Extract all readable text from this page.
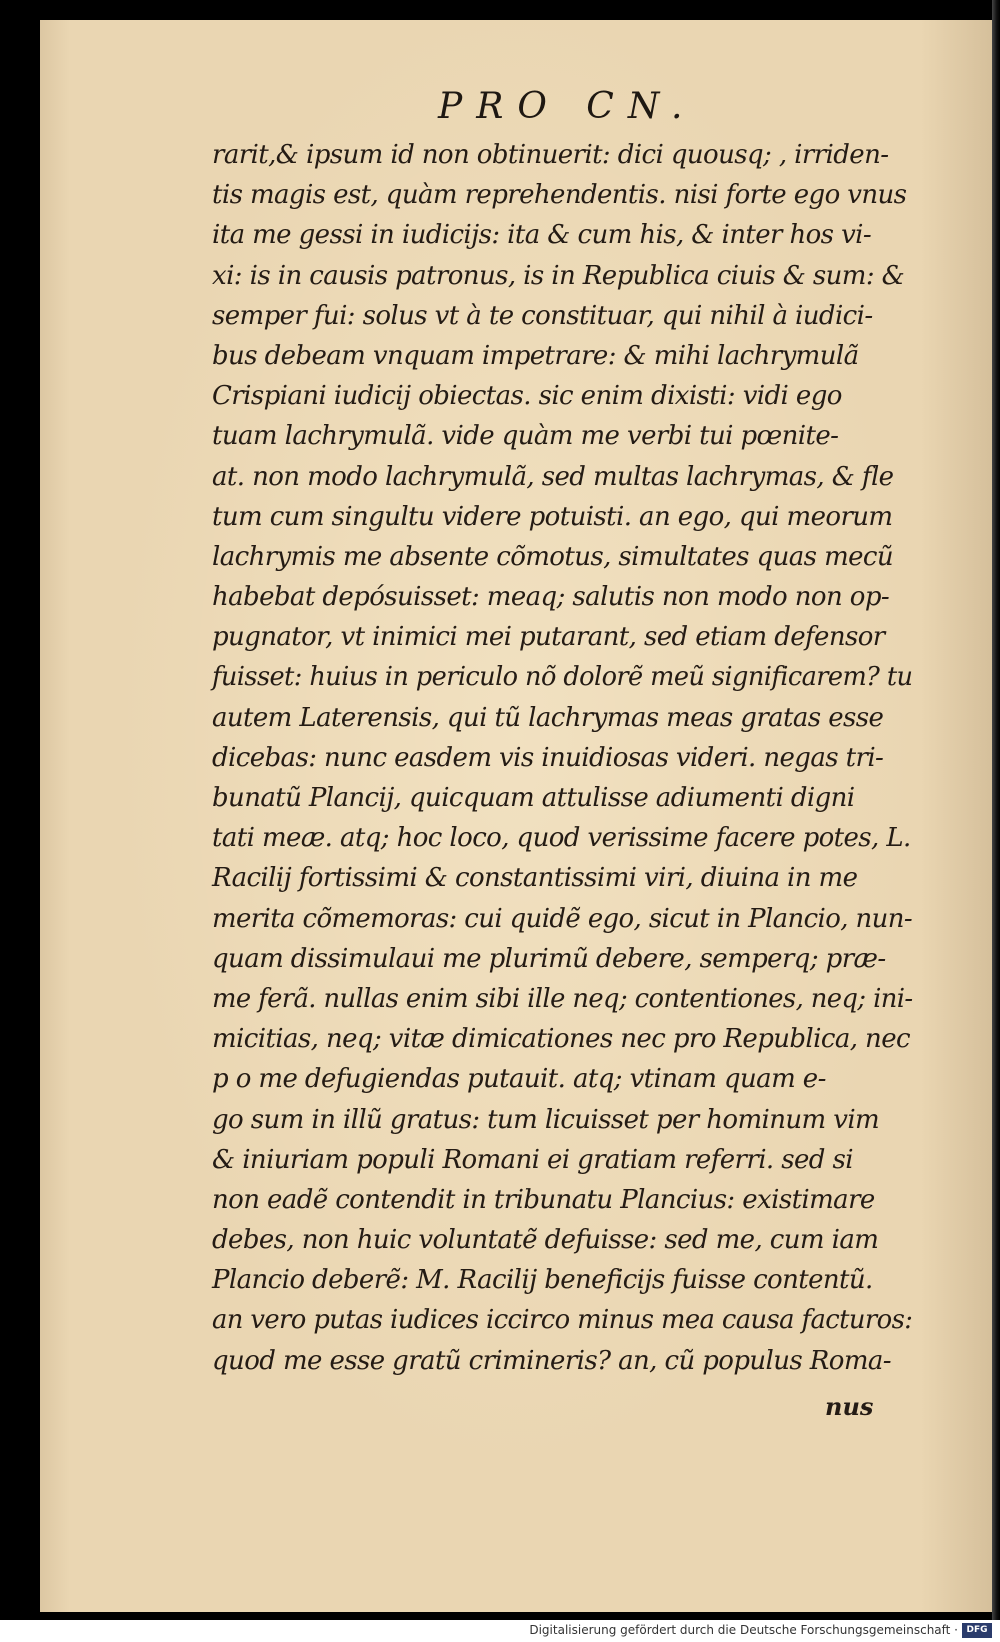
PRO CN.
rarit,& ipsum id non obtinuerit: dici quousq; , irriden-
tis magis est, quàm reprehendentis. nisi forte ego vnus
ita me gessi in iudicijs: ita & cum his, & inter hos vi-
xi: is in causis patronus, is in Republica ciuis & sum: &
semper fui: solus vt à te constituar, qui nihil à iudici-
bus debeam vnquam impetrare: & mihi lachrymulã
Crispiani iudicij obiectas. sic enim dixisti: vidi ego
tuam lachrymulã. vide quàm me verbi tui pœnite-
at. non modo lachrymulã, sed multas lachrymas, & fle
tum cum singultu videre potuisti. an ego, qui meorum
lachrymis me absente cõmotus, simultates quas mecũ
habebat depósuisset: meaq; salutis non modo non op-
pugnator, vt inimici mei putarant, sed etiam defensor
fuisset: huius in periculo nõ dolorẽ meũ significarem? tu
autem Laterensis, qui tũ lachrymas meas gratas esse
dicebas: nunc easdem vis inuidiosas videri. negas tri-
bunatũ Plancij, quicquam attulisse adiumenti digni
tati meæ. atq; hoc loco, quod verissime facere potes, L.
Racilij fortissimi & constantissimi viri, diuina in me
merita cõmemoras: cui quidẽ ego, sicut in Plancio, nun-
quam dissimulaui me plurimũ debere, semperq; præ-
me ferã. nullas enim sibi ille neq; contentiones, neq; ini-
micitias, neq; vitæ dimicationes nec pro Republica, nec
p o me defugiendas putauit. atq; vtinam quam e-
go sum in illũ gratus: tum licuisset per hominum vim
& iniuriam populi Romani ei gratiam referri. sed si
non eadẽ contendit in tribunatu Plancius: existimare
debes, non huic voluntatẽ defuisse: sed me, cum iam
Plancio deberẽ: M. Racilij beneficijs fuisse contentũ.
an vero putas iudices iccirco minus mea causa facturos:
quod me esse gratũ crimineris? an, cũ populus Roma-
nus
Digitalisierung gefördert durch die Deutsche Forschungsgemeinschaft · DFG
